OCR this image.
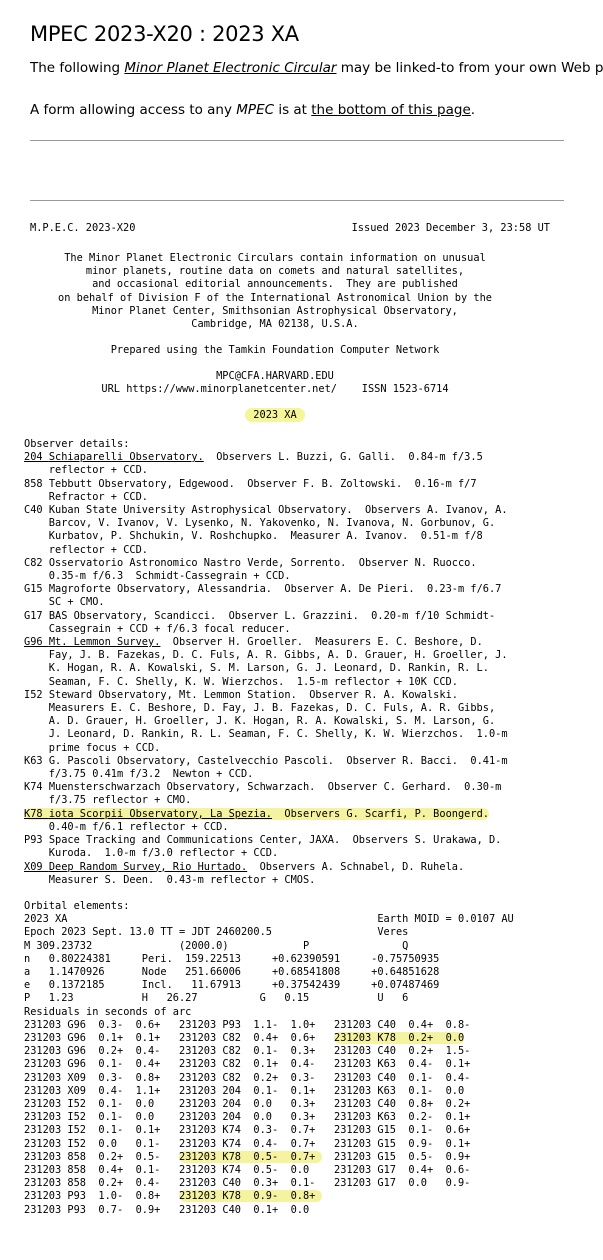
MPEC 2023-X20 : 2023 XA

The following Minor Planet Electronic Circular may be linked-to from your own Web p

A form allowing access to any MPEC is at the bottom of this page.

M.P.E.C. 2023-X20	Issued 2023 December 3, 23:58 UT
The Minor Planet Electronic Circulars contain information on unusual
minor planets, routine data on comets and natural satellites,
and occasional editorial announcements.  They are published
on behalf of Division F of the International Astronomical Union by the
Minor Planet Center, Smithsonian Astrophysical Observatory,
Cambridge, MA 02138, U.S.A.
Prepared using the Tamkin Foundation Computer Network
MPC@CFA.HARVARD.EDU
URL https://www.minorplanetcenter.net/    ISSN 1523-6714
2023 XA
Observer details:
204 Schiaparelli Observatory.  Observers L. Buzzi, G. Galli.  0.84-m f/3.5
reflector + CCD.
858 Tebbutt Observatory, Edgewood.  Observer F. B. Zoltowski.  0.16-m f/7
Refractor + CCD.
C40 Kuban State University Astrophysical Observatory.  Observers A. Ivanov, A.
Barcov, V. Ivanov, V. Lysenko, N. Yakovenko, N. Ivanova, N. Gorbunov, G.
Kurbatov, P. Shchukin, V. Roshchupko.  Measurer A. Ivanov.  0.51-m f/8
reflector + CCD.
C82 Osservatorio Astronomico Nastro Verde, Sorrento.  Observer N. Ruocco.
0.35-m f/6.3  Schmidt-Cassegrain + CCD.
G15 Magroforte Observatory, Alessandria.  Observer A. De Pieri.  0.23-m f/6.7
SC + CMO.
G17 BAS Observatory, Scandicci.  Observer L. Grazzini.  0.20-m f/10 Schmidt-
Cassegrain + CCD + f/6.3 focal reducer.
G96 Mt. Lemmon Survey.  Observer H. Groeller.  Measurers E. C. Beshore, D.
Fay, J. B. Fazekas, D. C. Fuls, A. R. Gibbs, A. D. Grauer, H. Groeller, J.
K. Hogan, R. A. Kowalski, S. M. Larson, G. J. Leonard, D. Rankin, R. L.
Seaman, F. C. Shelly, K. W. Wierzchos.  1.5-m reflector + 10K CCD.
I52 Steward Observatory, Mt. Lemmon Station.  Observer R. A. Kowalski.
Measurers E. C. Beshore, D. Fay, J. B. Fazekas, D. C. Fuls, A. R. Gibbs,
A. D. Grauer, H. Groeller, J. K. Hogan, R. A. Kowalski, S. M. Larson, G.
J. Leonard, D. Rankin, R. L. Seaman, F. C. Shelly, K. W. Wierzchos.  1.0-m
prime focus + CCD.
K63 G. Pascoli Observatory, Castelvecchio Pascoli.  Observer R. Bacci.  0.41-m
f/3.75 0.41m f/3.2  Newton + CCD.
K74 Muensterschwarzach Observatory, Schwarzach.  Observer C. Gerhard.  0.30-m
f/3.75 reflector + CMO.
K78 iota Scorpii Observatory, La Spezia.  Observers G. Scarfi, P. Boongerd.
0.40-m f/6.1 reflector + CCD.
P93 Space Tracking and Communications Center, JAXA.  Observers S. Urakawa, D.
Kuroda.  1.0-m f/3.0 reflector + CCD.
X09 Deep Random Survey, Rio Hurtado.  Observers A. Schnabel, D. Ruhela.
Measurer S. Deen.  0.43-m reflector + CMOS.
Orbital elements:
2023 XA                                                  Earth MOID = 0.0107 AU
Epoch 2023 Sept. 13.0 TT = JDT 2460200.5                 Veres
M 309.23732              (2000.0)            P               Q
n   0.80224381     Peri.  159.22513     +0.62390591     -0.75750935
a   1.1470926      Node   251.66006     +0.68541808     +0.64851628
e   0.1372185      Incl.   11.67913     +0.37542439     +0.07487469
P   1.23           H   26.27          G   0.15           U   6
Residuals in seconds of arc
231203 G96  0.3-  0.6+   231203 P93  1.1-  1.0+   231203 C40  0.4+  0.8-
231203 G96  0.1+  0.1+   231203 C82  0.4+  0.6+   231203 K78  0.2+  0.0
231203 G96  0.2+  0.4-   231203 C82  0.1-  0.3+   231203 C40  0.2+  1.5-
231203 G96  0.1-  0.4+   231203 C82  0.1+  0.4-   231203 K63  0.4-  0.1+
231203 X09  0.3-  0.8+   231203 C82  0.2+  0.3-   231203 C40  0.1-  0.4-
231203 X09  0.4-  1.1+   231203 204  0.1-  0.1+   231203 K63  0.1-  0.0
231203 I52  0.1-  0.0    231203 204  0.0   0.3+   231203 C40  0.8+  0.2+
231203 I52  0.1-  0.0    231203 204  0.0   0.3+   231203 K63  0.2-  0.1+
231203 I52  0.1-  0.1+   231203 K74  0.3-  0.7+   231203 G15  0.1-  0.6+
231203 I52  0.0   0.1-   231203 K74  0.4-  0.7+   231203 G15  0.9-  0.1+
231203 858  0.2+  0.5-   231203 K78  0.5-  0.7+   231203 G15  0.5-  0.9+
231203 858  0.4+  0.1-   231203 K74  0.5-  0.0    231203 G17  0.4+  0.6-
231203 858  0.2+  0.4-   231203 C40  0.3+  0.1-   231203 G17  0.0   0.9-
231203 P93  1.0-  0.8+   231203 K78  0.9-  0.8+
231203 P93  0.7-  0.9+   231203 C40  0.1+  0.0
